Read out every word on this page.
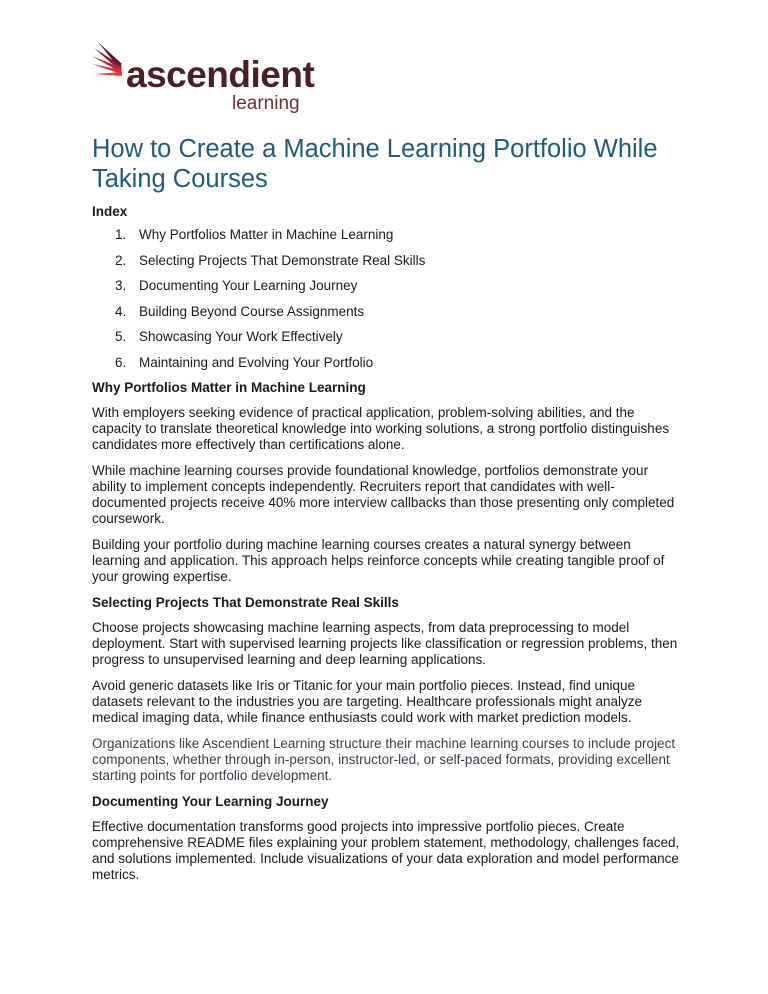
ascendient
learning
How to Create a Machine Learning Portfolio While Taking Courses
Index
1. Why Portfolios Matter in Machine Learning
2. Selecting Projects That Demonstrate Real Skills
3. Documenting Your Learning Journey
4. Building Beyond Course Assignments
5. Showcasing Your Work Effectively
6. Maintaining and Evolving Your Portfolio
Why Portfolios Matter in Machine Learning

With employers seeking evidence of practical application, problem-solving abilities, and the capacity to translate theoretical knowledge into working solutions, a strong portfolio distinguishes candidates more effectively than certifications alone.

While machine learning courses provide foundational knowledge, portfolios demonstrate your ability to implement concepts independently. Recruiters report that candidates with well-documented projects receive 40% more interview callbacks than those presenting only completed coursework.

Building your portfolio during machine learning courses creates a natural synergy between learning and application. This approach helps reinforce concepts while creating tangible proof of your growing expertise.

Selecting Projects That Demonstrate Real Skills

Choose projects showcasing machine learning aspects, from data preprocessing to model deployment. Start with supervised learning projects like classification or regression problems, then progress to unsupervised learning and deep learning applications.

Avoid generic datasets like Iris or Titanic for your main portfolio pieces. Instead, find unique datasets relevant to the industries you are targeting. Healthcare professionals might analyze medical imaging data, while finance enthusiasts could work with market prediction models.

Organizations like Ascendient Learning structure their machine learning courses to include project components, whether through in-person, instructor-led, or self-paced formats, providing excellent starting points for portfolio development.

Documenting Your Learning Journey

Effective documentation transforms good projects into impressive portfolio pieces. Create comprehensive README files explaining your problem statement, methodology, challenges faced, and solutions implemented. Include visualizations of your data exploration and model performance metrics.
